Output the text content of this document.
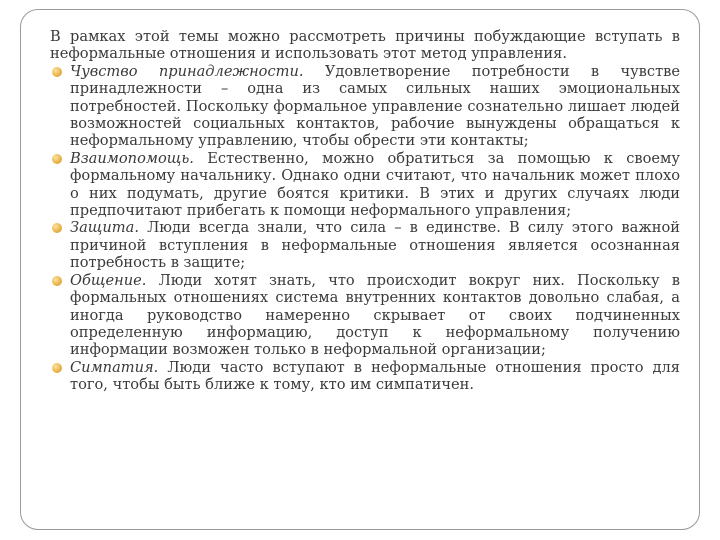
В рамках этой темы можно рассмотреть причины побуждающие вступать в неформальные отношения и использовать этот метод управления.

Чувство принадлежности. Удовлетворение потребности в чувстве принадлежности – одна из самых сильных наших эмоциональных потребностей. Поскольку формальное управление сознательно лишает людей возможностей социальных контактов, рабочие вынуждены обращаться к неформальному управлению, чтобы обрести эти контакты;
Взаимопомощь. Естественно, можно обратиться за помощью к своему формальному начальнику. Однако одни считают, что начальник может плохо о них подумать, другие боятся критики. В этих и других случаях люди предпочитают прибегать к помощи неформального управления;
Защита. Люди всегда знали, что сила – в единстве. В силу этого важной причиной вступления в неформальные отношения является осознанная потребность в защите;
Общение. Люди хотят знать, что происходит вокруг них. Поскольку в формальных отношениях система внутренних контактов довольно слабая, а иногда руководство намеренно скрывает от своих подчиненных определенную информацию, доступ к неформальному получению информации возможен только в неформальной организации;
Симпатия. Люди часто вступают в неформальные отношения просто для того, чтобы быть ближе к тому, кто им симпатичен.
